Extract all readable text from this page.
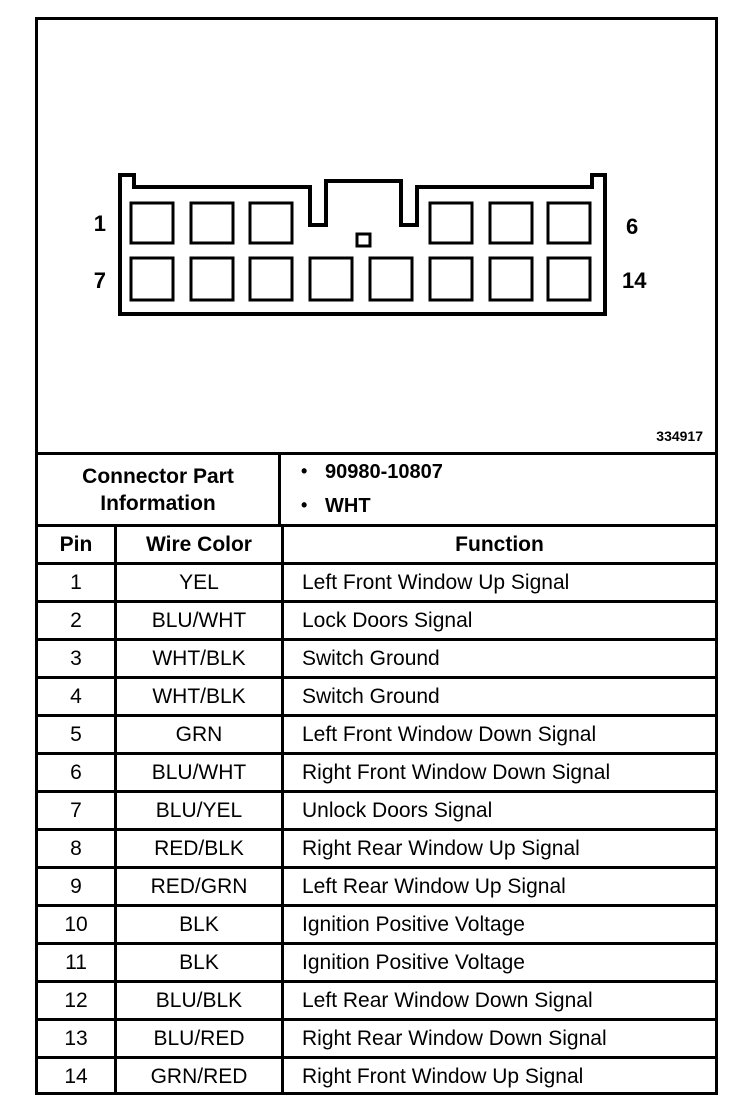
1	6
7	14
334917
Connector Part
Information
• 90980-10807
• WHT
Pin	Wire Color	Function
1	YEL	Left Front Window Up Signal
2	BLU/WHT	Lock Doors Signal
3	WHT/BLK	Switch Ground
4	WHT/BLK	Switch Ground
5	GRN	Left Front Window Down Signal
6	BLU/WHT	Right Front Window Down Signal
7	BLU/YEL	Unlock Doors Signal
8	RED/BLK	Right Rear Window Up Signal
9	RED/GRN	Left Rear Window Up Signal
10	BLK	Ignition Positive Voltage
11	BLK	Ignition Positive Voltage
12	BLU/BLK	Left Rear Window Down Signal
13	BLU/RED	Right Rear Window Down Signal
14	GRN/RED	Right Front Window Up Signal
